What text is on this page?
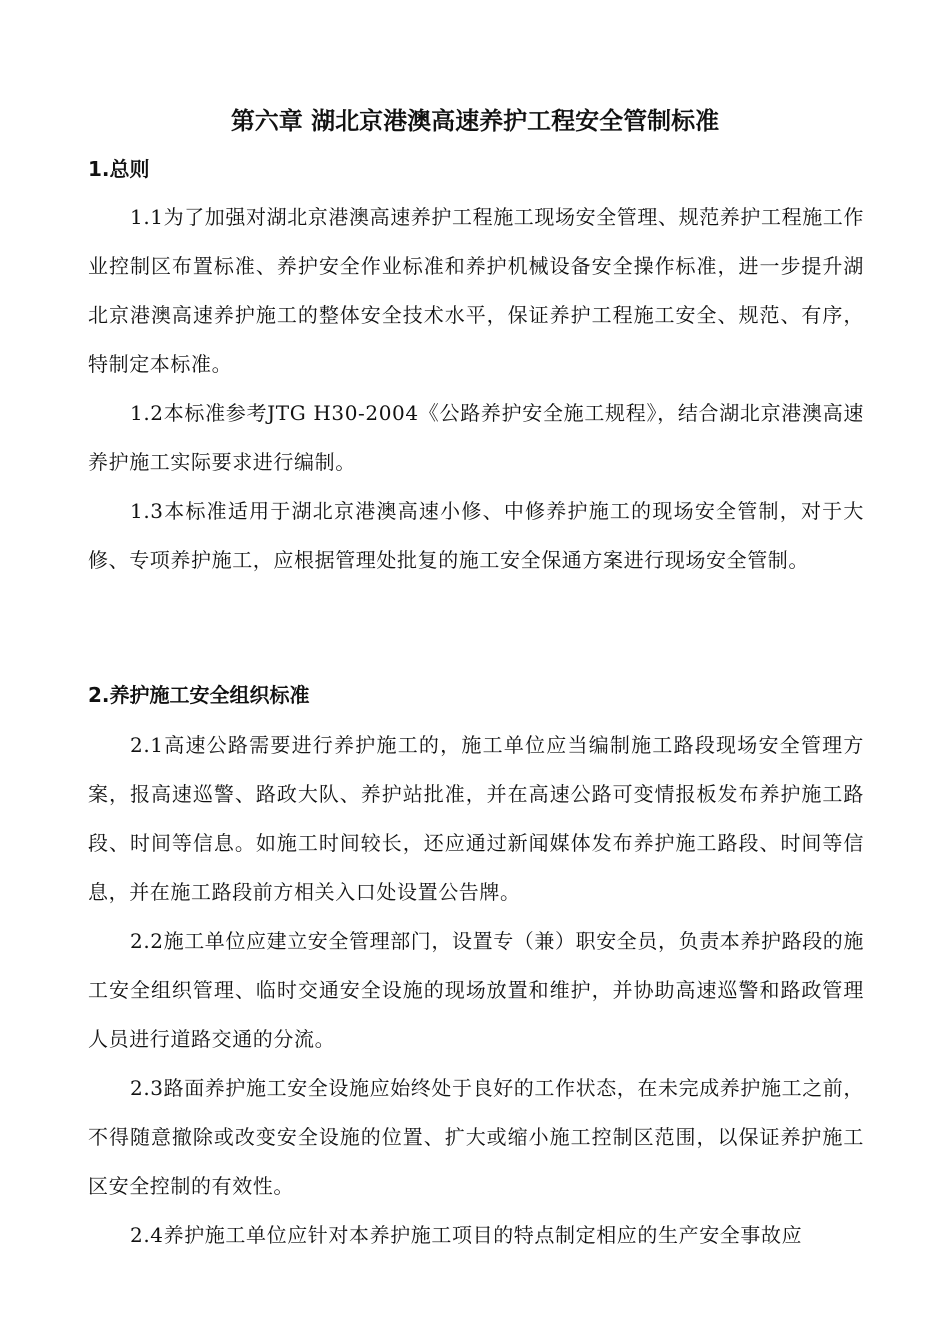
第六章 湖北京港澳高速养护工程安全管制标准
1.总则
1.1为了加强对湖北京港澳高速养护工程施工现场安全管理、规范养护工程施工作业控制区布置标准、养护安全作业标准和养护机械设备安全操作标准，进一步提升湖北京港澳高速养护施工的整体安全技术水平，保证养护工程施工安全、规范、有序，特制定本标准。
1.2本标准参考JTG H30-2004《公路养护安全施工规程》，结合湖北京港澳高速养护施工实际要求进行编制。
1.3本标准适用于湖北京港澳高速小修、中修养护施工的现场安全管制，对于大修、专项养护施工，应根据管理处批复的施工安全保通方案进行现场安全管制。
2.养护施工安全组织标准
2.1高速公路需要进行养护施工的，施工单位应当编制施工路段现场安全管理方案，报高速巡警、路政大队、养护站批准，并在高速公路可变情报板发布养护施工路段、时间等信息。如施工时间较长，还应通过新闻媒体发布养护施工路段、时间等信息，并在施工路段前方相关入口处设置公告牌。
2.2施工单位应建立安全管理部门，设置专（兼）职安全员，负责本养护路段的施工安全组织管理、临时交通安全设施的现场放置和维护，并协助高速巡警和路政管理人员进行道路交通的分流。
2.3路面养护施工安全设施应始终处于良好的工作状态，在未完成养护施工之前，不得随意撤除或改变安全设施的位置、扩大或缩小施工控制区范围，以保证养护施工区安全控制的有效性。
2.4养护施工单位应针对本养护施工项目的特点制定相应的生产安全事故应
